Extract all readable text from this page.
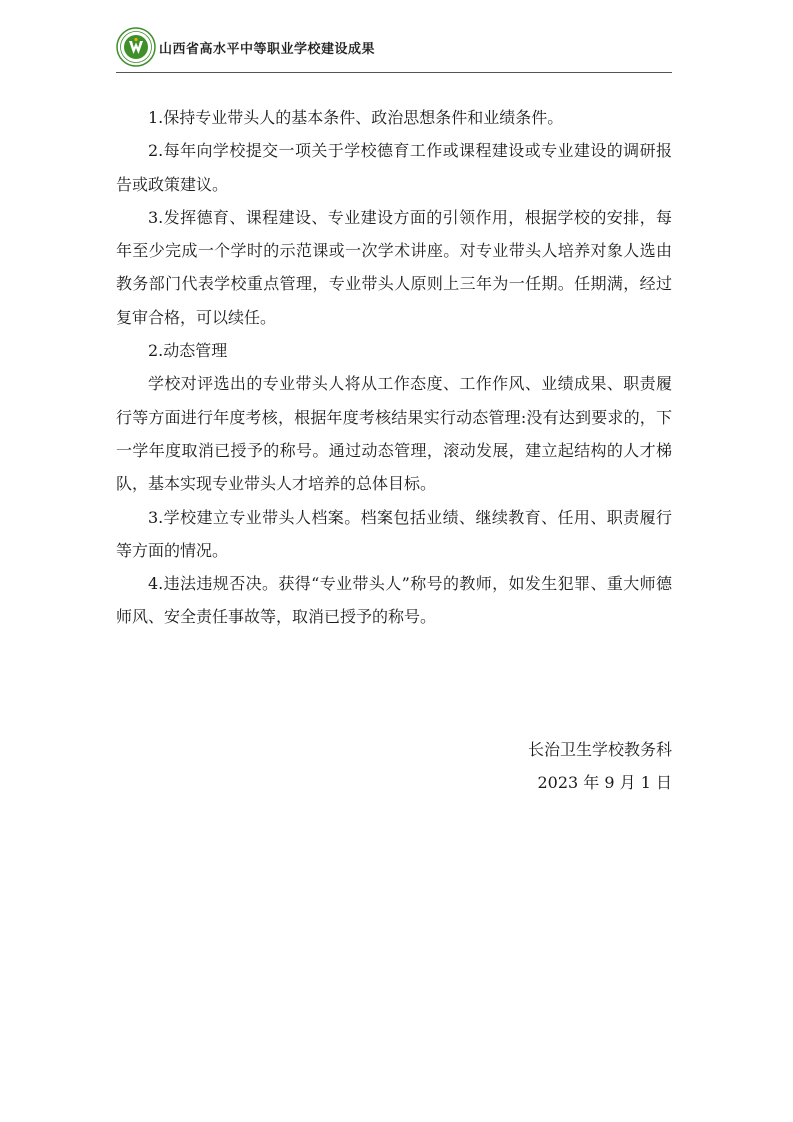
山西省高水平中等职业学校建设成果

1.保持专业带头人的基本条件、政治思想条件和业绩条件。

2.每年向学校提交一项关于学校德育工作或课程建设或专业建设的调研报告或政策建议。

3.发挥德育、课程建设、专业建设方面的引领作用，根据学校的安排，每年至少完成一个学时的示范课或一次学术讲座。对专业带头人培养对象人选由教务部门代表学校重点管理，专业带头人原则上三年为一任期。任期满，经过复审合格，可以续任。

2.动态管理

学校对评选出的专业带头人将从工作态度、工作作风、业绩成果、职责履行等方面进行年度考核，根据年度考核结果实行动态管理:没有达到要求的，下一学年度取消已授予的称号。通过动态管理，滚动发展，建立起结构的人才梯队，基本实现专业带头人才培养的总体目标。

3.学校建立专业带头人档案。档案包括业绩、继续教育、任用、职责履行等方面的情况。

4.违法违规否决。获得“专业带头人”称号的教师，如发生犯罪、重大师德师风、安全责任事故等，取消已授予的称号。

长治卫生学校教务科
2023 年 9 月 1 日
